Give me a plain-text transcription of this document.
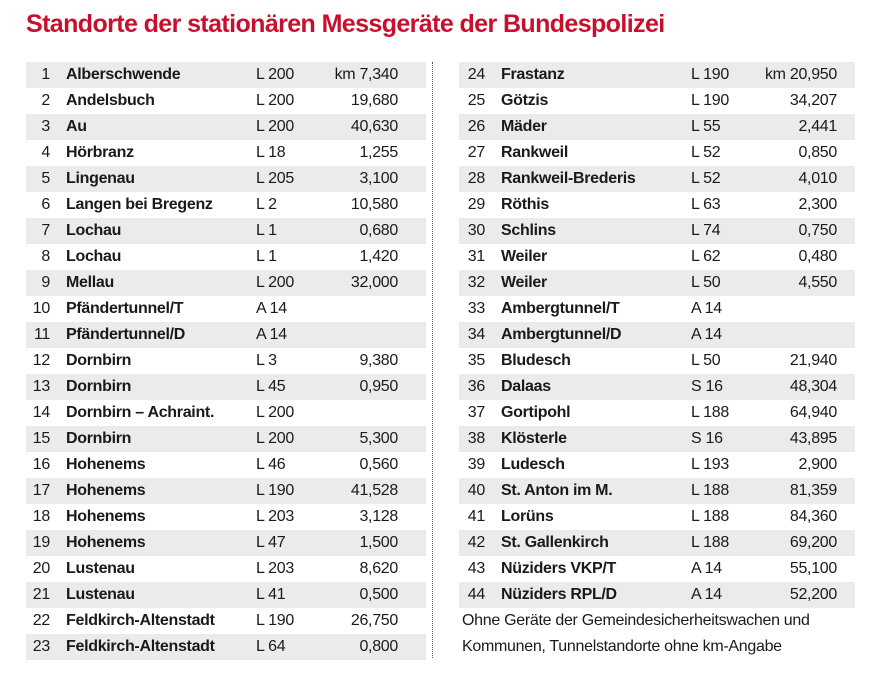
Standorte der stationären Messgeräte der Bundespolizei
1 Alberschwende	L 200	km 7,340
2 Andelsbuch	L 200	19,680
3 Au	L 200	40,630
4 Hörbranz	L 18	1,255
5 Lingenau	L 205	3,100
6 Langen bei Bregenz	L 2	10,580
7 Lochau	L 1	0,680
8 Lochau	L 1	1,420
9 Mellau	L 200	32,000
10 Pfändertunnel/T	A 14
11 Pfändertunnel/D	A 14
12 Dornbirn	L 3	9,380
13 Dornbirn	L 45	0,950
14 Dornbirn – Achraint.	L 200
15 Dornbirn	L 200	5,300
16 Hohenems	L 46	0,560
17 Hohenems	L 190	41,528
18 Hohenems	L 203	3,128
19 Hohenems	L 47	1,500
20 Lustenau	L 203	8,620
21 Lustenau	L 41	0,500
22 Feldkirch-Altenstadt	L 190	26,750
23 Feldkirch-Altenstadt	L 64	0,800
24 Frastanz	L 190	km 20,950
25 Götzis	L 190	34,207
26 Mäder	L 55	2,441
27 Rankweil	L 52	0,850
28 Rankweil-Brederis	L 52	4,010
29 Röthis	L 63	2,300
30 Schlins	L 74	0,750
31 Weiler	L 62	0,480
32 Weiler	L 50	4,550
33 Ambergtunnel/T	A 14
34 Ambergtunnel/D	A 14
35 Bludesch	L 50	21,940
36 Dalaas	S 16	48,304
37 Gortipohl	L 188	64,940
38 Klösterle	S 16	43,895
39 Ludesch	L 193	2,900
40 St. Anton im M.	L 188	81,359
41 Lorüns	L 188	84,360
42 St. Gallenkirch	L 188	69,200
43 Nüziders VKP/T	A 14	55,100
44 Nüziders RPL/D	A 14	52,200
Ohne Geräte der Gemeindesicherheitswachen und
Kommunen, Tunnelstandorte ohne km-Angabe
